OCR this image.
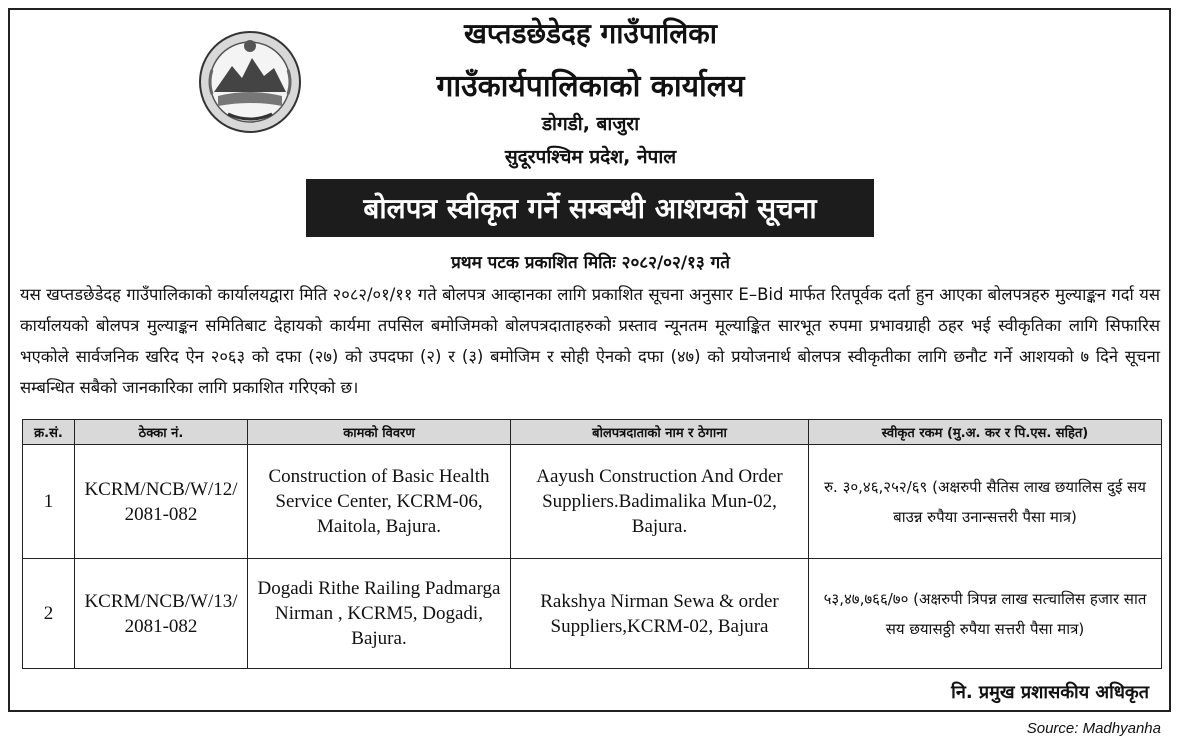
खप्तडछेडेदह गाउँपालिका
गाउँकार्यपालिकाको कार्यालय
डोगडी, बाजुरा
सुदूरपश्चिम प्रदेश, नेपाल
बोलपत्र स्वीकृत गर्ने सम्बन्धी आशयको सूचना
प्रथम पटक प्रकाशित मितिः २०८२/०२/१३ गते
यस खप्तडछेडेदह गाउँपालिकाको कार्यालयद्वारा मिति २०८२/०१/११ गते बोलपत्र आव्हानका लागि प्रकाशित सूचना अनुसार E–Bid मार्फत रितपूर्वक दर्ता हुन आएका बोलपत्रहरु मुल्याङ्कन गर्दा यस कार्यालयको बोलपत्र मुल्याङ्कन समितिबाट देहायको कार्यमा तपसिल बमोजिमको बोलपत्रदाताहरुको प्रस्ताव न्यूनतम मूल्याङ्कित सारभूत रुपमा प्रभावग्राही ठहर भई स्वीकृतिका लागि सिफारिस भएकोले सार्वजनिक खरिद ऐन २०६३ को दफा (२७) को उपदफा (२) र (३) बमोजिम र सोही ऐनको दफा (४७) को प्रयोजनार्थ बोलपत्र स्वीकृतीका लागि छनौट गर्ने आशयको ७ दिने सूचना सम्बन्धित सबैको जानकारिका लागि प्रकाशित गरिएको छ।
क्र.सं.	ठेक्का नं.	कामको विवरण	बोलपत्रदाताको नाम र ठेगाना	स्वीकृत रकम (मु.अ. कर र पि.एस. सहित)
1	KCRM/NCB/W/12/2081-082	Construction of Basic Health Service Center, KCRM-06, Maitola, Bajura.	Aayush Construction And Order Suppliers.Badimalika Mun-02, Bajura.	रु. ३०,४६,२५२/६९ (अक्षरुपी सैतिस लाख छयालिस दुई सय बाउन्न रुपैया उनान्सत्तरी पैसा मात्र)
2	KCRM/NCB/W/13/2081-082	Dogadi Rithe Railing Padmarga Nirman , KCRM5, Dogadi, Bajura.	Rakshya Nirman Sewa & order Suppliers,KCRM-02, Bajura	५३,४७,७६६/७० (अक्षरुपी त्रिपन्न लाख सत्चालिस हजार सात सय छयासठ्ठी रुपैया सत्तरी पैसा मात्र)
नि. प्रमुख प्रशासकीय अधिकृत
Source: Madhyanha
